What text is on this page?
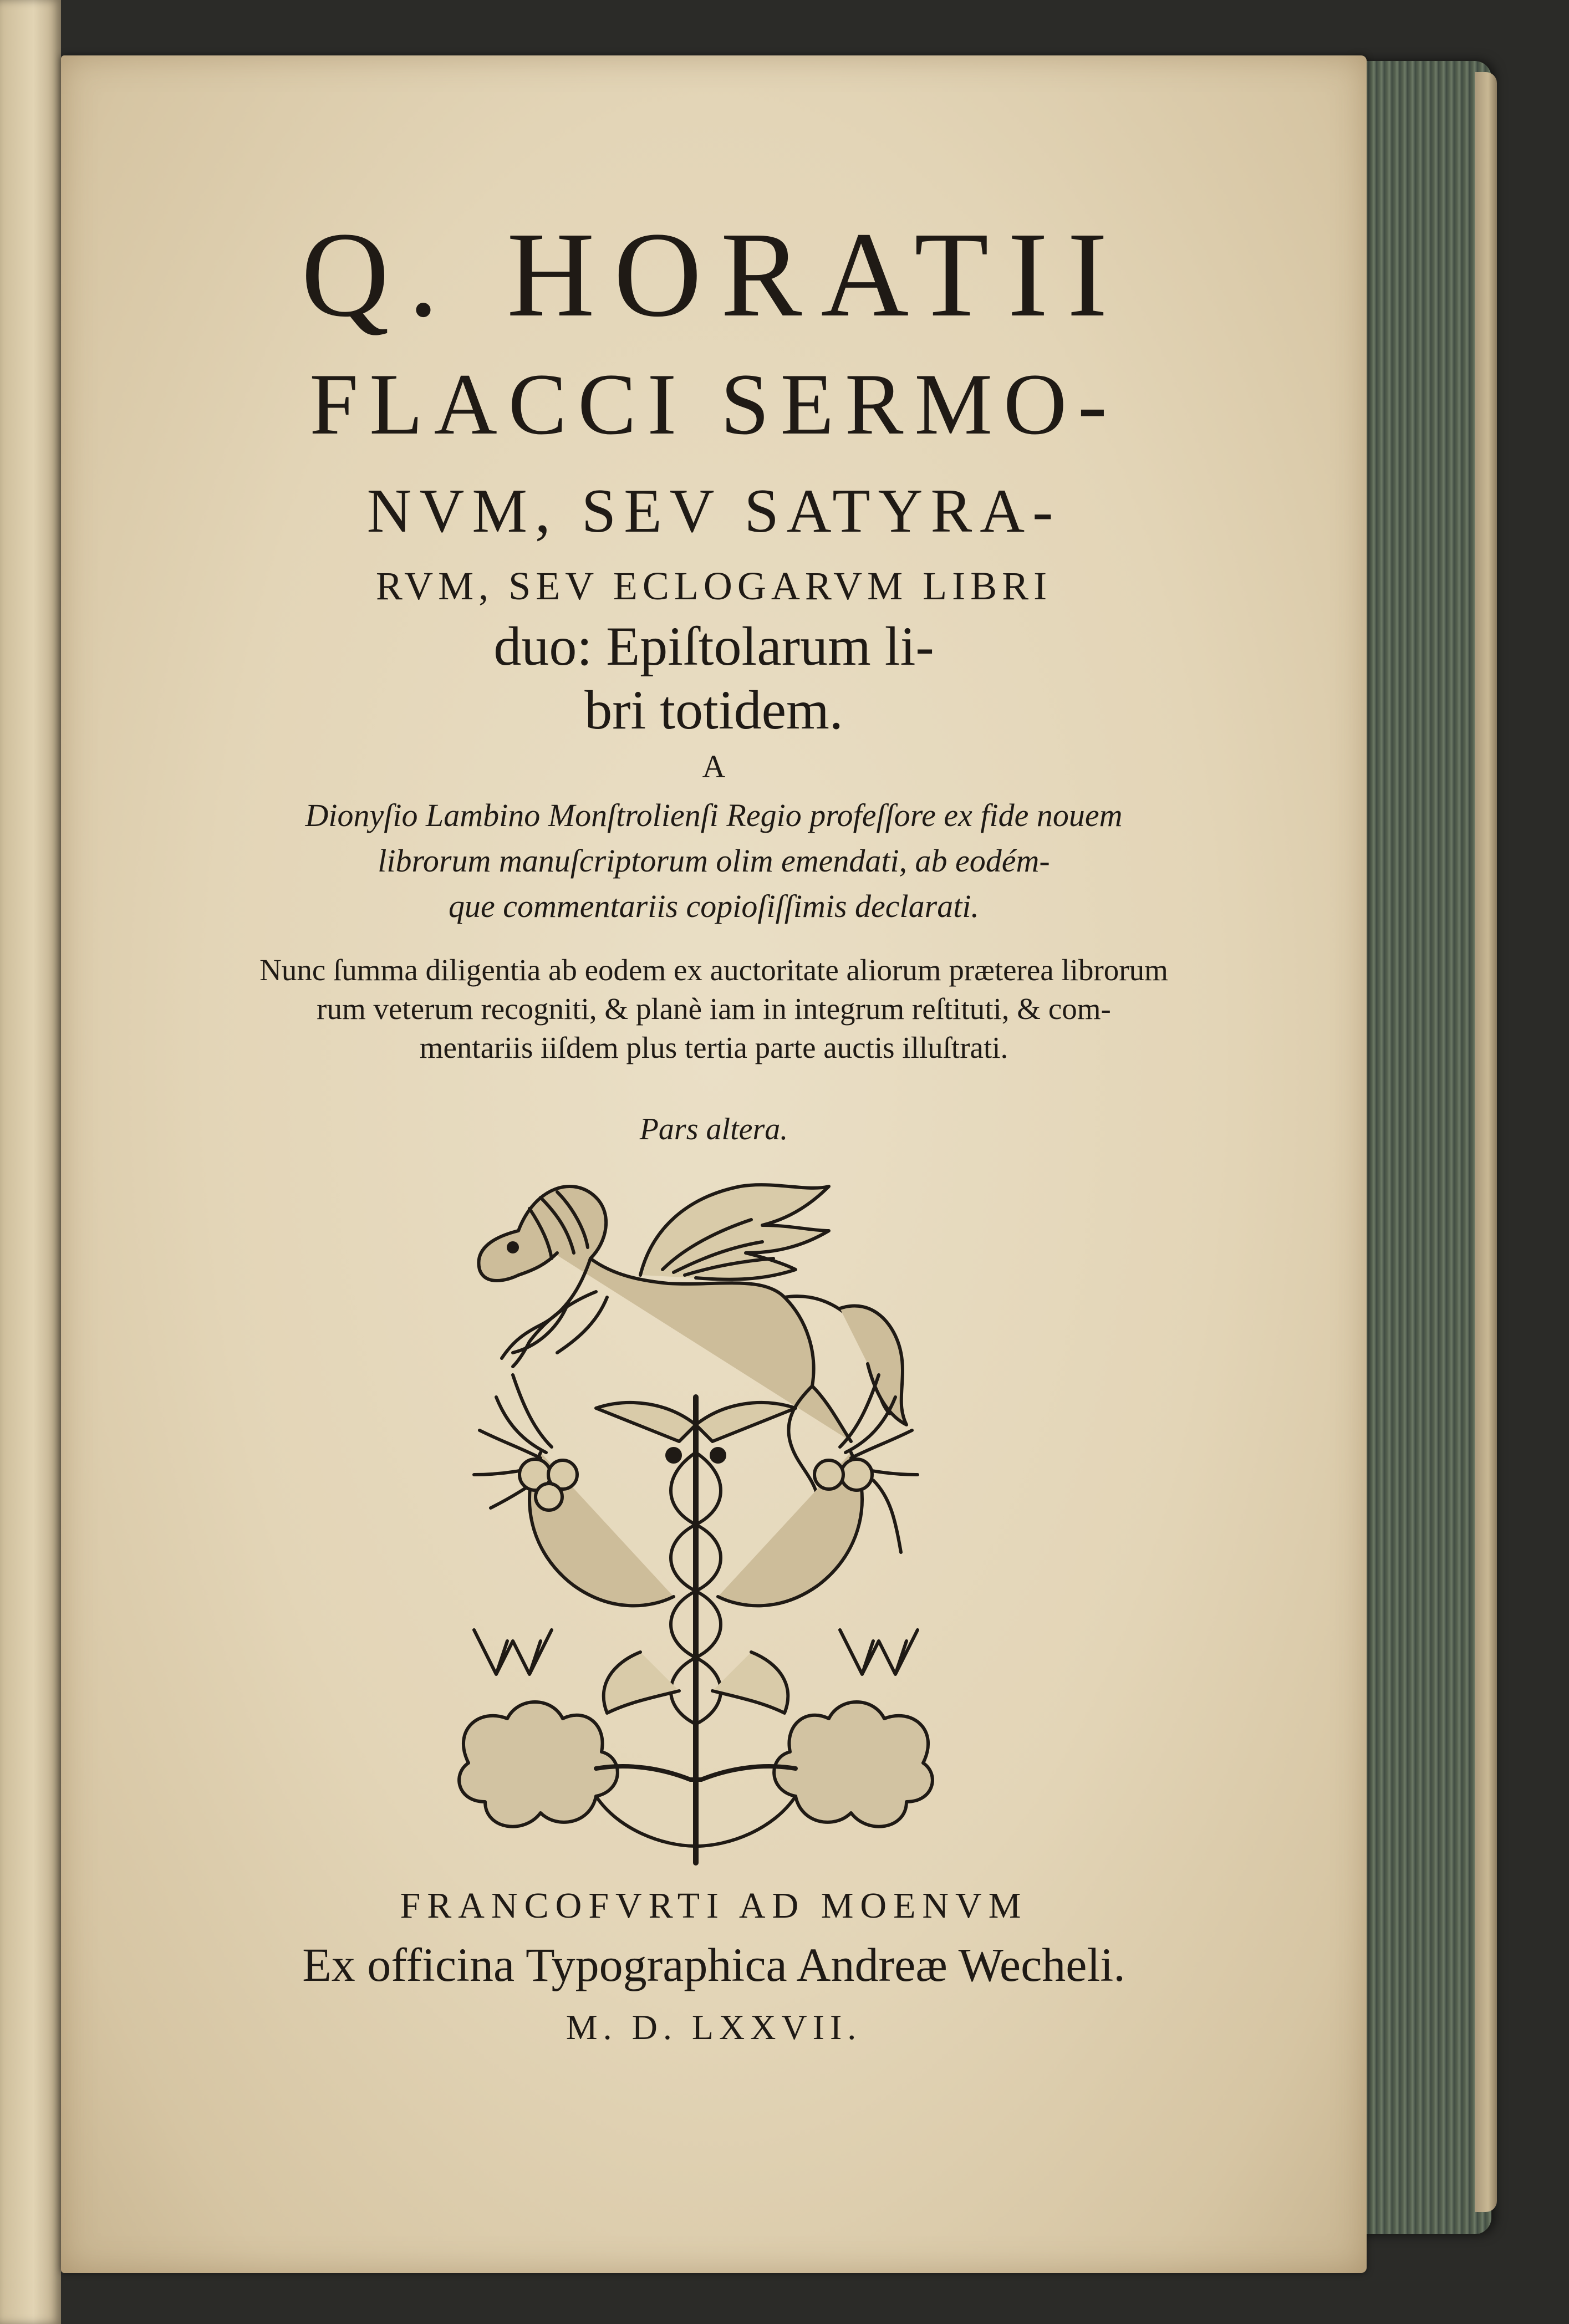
Q. HORATII
FLACCI SERMO-
NVM, SEV SATYRA-
RVM, SEV ECLOGARVM LIBRI
duo: Epiſtolarum li-
bri totidem.
A
Dionyſio Lambino Monſtrolienſi Regio profeſſore ex fide nouem
librorum manuſcriptorum olim emendati, ab eodém-
que commentariis copioſiſſimis declarati.
Nunc ſumma diligentia ab eodem ex auctoritate aliorum præterea librorum
rum veterum recogniti, & planè iam in integrum reſtituti, & com-
mentariis iiſdem plus tertia parte auctis illuſtrati.
Pars altera.
FRANCOFVRTI AD MOENVM
Ex officina Typographica Andreæ Wecheli.
M. D. LXXVII.
